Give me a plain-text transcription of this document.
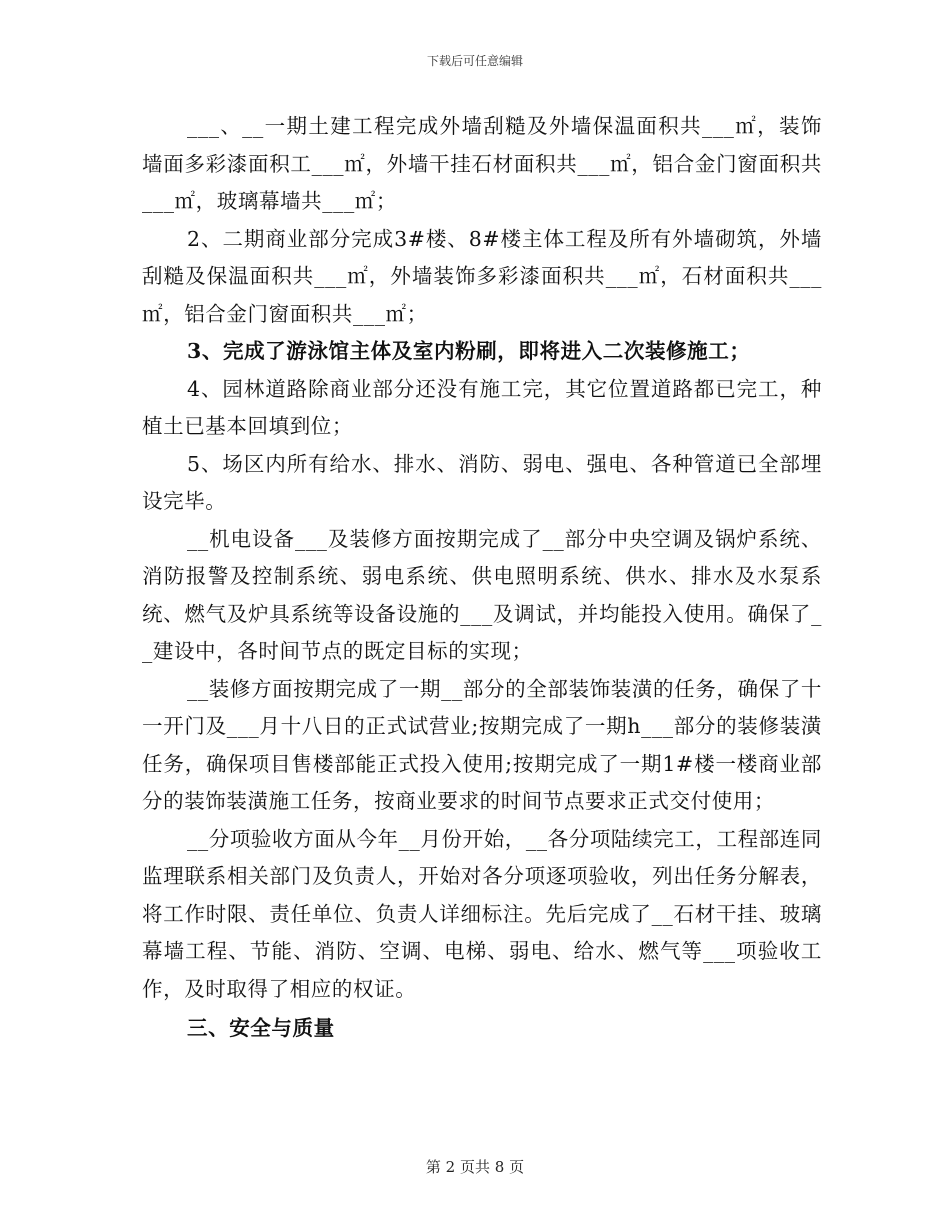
下载后可任意编辑

___、__一期土建工程完成外墙刮糙及外墙保温面积共___㎡，装饰墙面多彩漆面积工___㎡，外墙干挂石材面积共___㎡，铝合金门窗面积共___㎡，玻璃幕墙共___㎡；

2、二期商业部分完成3#楼、8#楼主体工程及所有外墙砌筑，外墙刮糙及保温面积共___㎡，外墙装饰多彩漆面积共___㎡，石材面积共___㎡，铝合金门窗面积共___㎡；

3、完成了游泳馆主体及室内粉刷，即将进入二次装修施工；

4、园林道路除商业部分还没有施工完，其它位置道路都已完工，种植土已基本回填到位；

5、场区内所有给水、排水、消防、弱电、强电、各种管道已全部埋设完毕。

__机电设备___及装修方面按期完成了__部分中央空调及锅炉系统、消防报警及控制系统、弱电系统、供电照明系统、供水、排水及水泵系统、燃气及炉具系统等设备设施的___及调试，并均能投入使用。确保了__建设中，各时间节点的既定目标的实现；

__装修方面按期完成了一期__部分的全部装饰装潢的任务，确保了十一开门及___月十八日的正式试营业;按期完成了一期h___部分的装修装潢任务，确保项目售楼部能正式投入使用;按期完成了一期1#楼一楼商业部分的装饰装潢施工任务，按商业要求的时间节点要求正式交付使用；

__分项验收方面从今年__月份开始，__各分项陆续完工，工程部连同监理联系相关部门及负责人，开始对各分项逐项验收，列出任务分解表，将工作时限、责任单位、负责人详细标注。先后完成了__石材干挂、玻璃幕墙工程、节能、消防、空调、电梯、弱电、给水、燃气等___项验收工作，及时取得了相应的权证。

三、安全与质量

第 2 页共 8 页
